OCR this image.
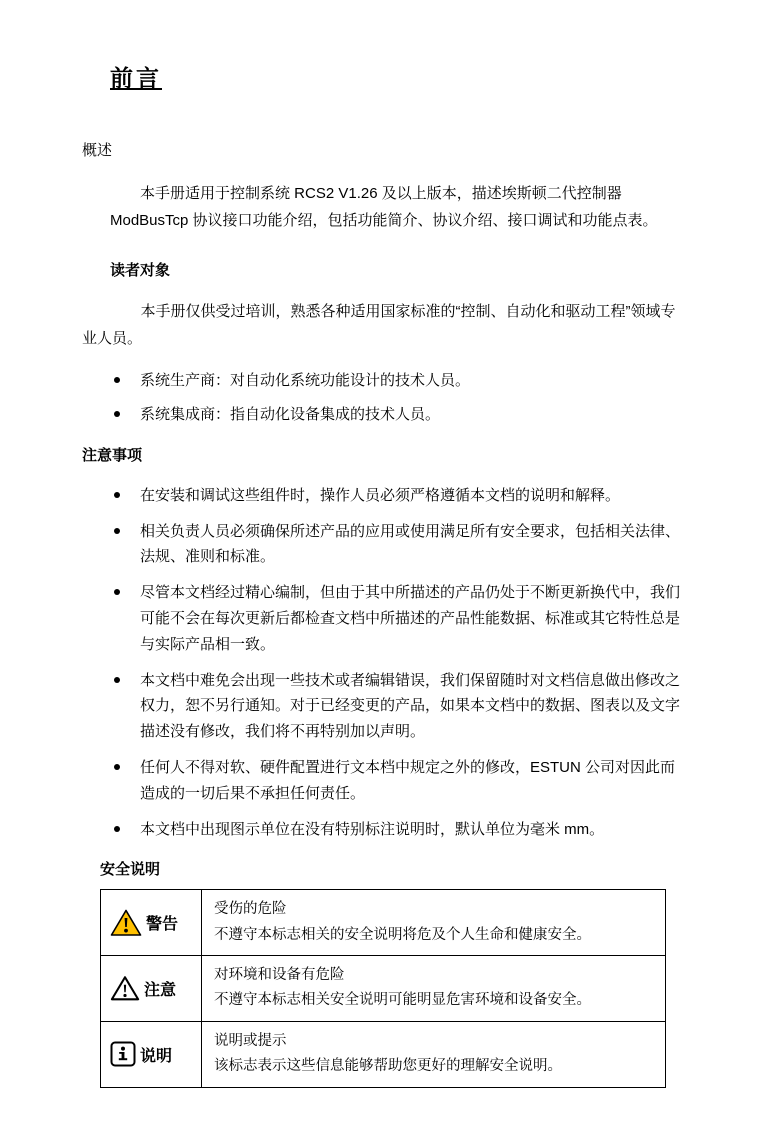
前言
概述

本手册适用于控制系统 RCS2 V1.26 及以上版本，描述埃斯顿二代控制器 ModBusTcp 协议接口功能介绍，包括功能简介、协议介绍、接口调试和功能点表。

读者对象

本手册仅供受过培训，熟悉各种适用国家标准的“控制、自动化和驱动工程”领域专业人员。

系统生产商：对自动化系统功能设计的技术人员。
系统集成商：指自动化设备集成的技术人员。
注意事项
在安装和调试这些组件时，操作人员必须严格遵循本文档的说明和解释。
相关负责人员必须确保所述产品的应用或使用满足所有安全要求，包括相关法律、法规、准则和标准。
尽管本文档经过精心编制，但由于其中所描述的产品仍处于不断更新换代中，我们可能不会在每次更新后都检查文档中所描述的产品性能数据、标准或其它特性总是与实际产品相一致。
本文档中难免会出现一些技术或者编辑错误，我们保留随时对文档信息做出修改之权力，恕不另行通知。对于已经变更的产品，如果本文档中的数据、图表以及文字描述没有修改，我们将不再特别加以声明。
任何人不得对软、硬件配置进行文本档中规定之外的修改，ESTUN 公司对因此而造成的一切后果不承担任何责任。
本文档中出现图示单位在没有特别标注说明时，默认单位为毫米 mm。
安全说明
警告	受伤的危险
不遵守本标志相关的安全说明将危及个人生命和健康安全。

注意	对环境和设备有危险
不遵守本标志相关安全说明可能明显危害环境和设备安全。

说明	说明或提示
该标志表示这些信息能够帮助您更好的理解安全说明。
